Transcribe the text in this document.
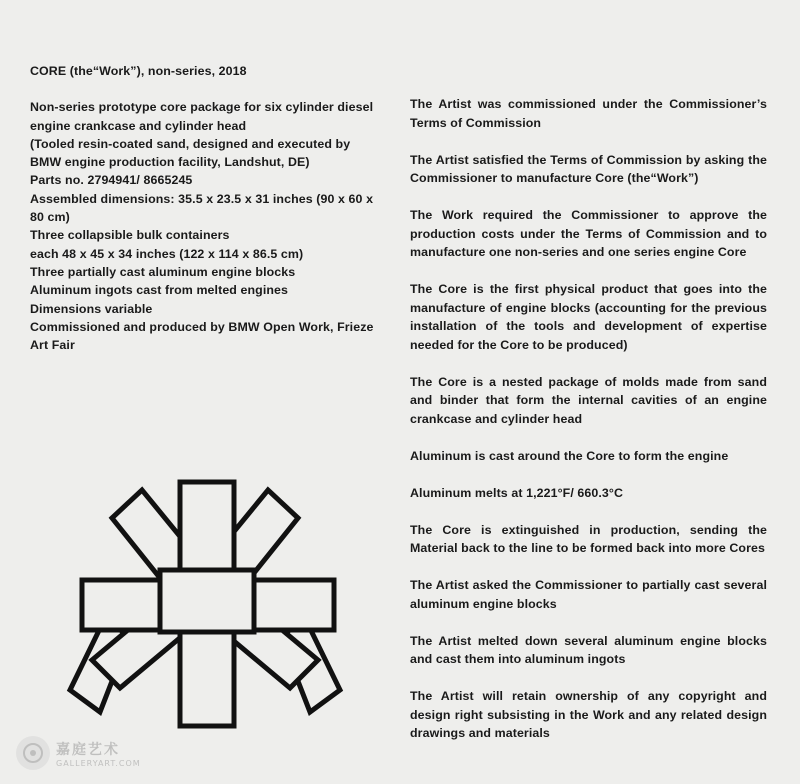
CORE (the“Work”), non-series, 2018
Non-series prototype core package for six cylinder diesel
engine crankcase and cylinder head
(Tooled resin-coated sand, designed and executed by
BMW engine production facility, Landshut, DE)
Parts no. 2794941/ 8665245
Assembled dimensions: 35.5 x 23.5 x 31 inches (90 x 60 x
80 cm)
Three collapsible bulk containers
each 48 x 45 x 34 inches (122 x 114 x 86.5 cm)
Three partially cast aluminum engine blocks
Aluminum ingots cast from melted engines
Dimensions variable
Commissioned and produced by BMW Open Work, Frieze
Art Fair

The Artist was commissioned under the Commissioner’s Terms of Commission

The Artist satisfied the Terms of Commission by asking the Commissioner to manufacture Core (the“Work”)

The Work required the Commissioner to approve the production costs under the Terms of Commission and to manufacture one non-series and one series engine Core

The Core is the first physical product that goes into the manufacture of engine blocks (accounting for the previous installation of the tools and development of expertise needed for the Core to be produced)

The Core is a nested package of molds made from sand and binder that form the internal cavities of an engine crankcase and cylinder head

Aluminum is cast around the Core to form the engine

Aluminum melts at 1,221°F/ 660.3°C

The Core is extinguished in production, sending the Material back to the line to be formed back into more Cores

The Artist asked the Commissioner to partially cast several aluminum engine blocks

The Artist melted down several aluminum engine blocks and cast them into aluminum ingots

The Artist will retain ownership of any copyright and design right subsisting in the Work and any related design drawings and materials

嘉庭艺术
GALLERYART.COM
